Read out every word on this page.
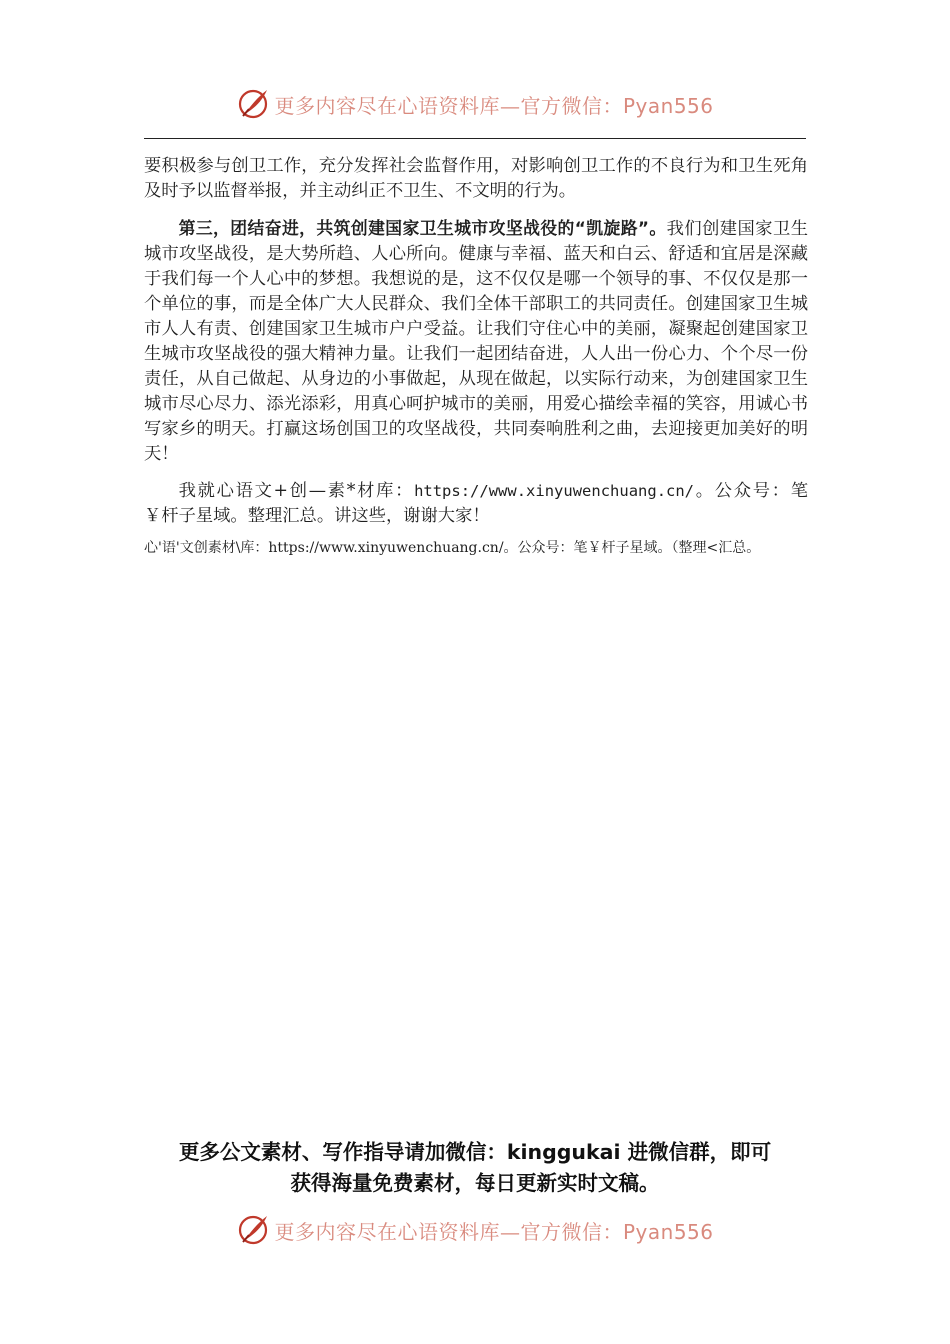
更多内容尽在心语资料库—官方微信：Pyan556

要积极参与创卫工作，充分发挥社会监督作用，对影响创卫工作的不良行为和卫生死角及时予以监督举报，并主动纠正不卫生、不文明的行为。

第三，团结奋进，共筑创建国家卫生城市攻坚战役的“凯旋路”。我们创建国家卫生城市攻坚战役，是大势所趋、人心所向。健康与幸福、蓝天和白云、舒适和宜居是深藏于我们每一个人心中的梦想。我想说的是，这不仅仅是哪一个领导的事、不仅仅是那一个单位的事，而是全体广大人民群众、我们全体干部职工的共同责任。创建国家卫生城市人人有责、创建国家卫生城市户户受益。让我们守住心中的美丽，凝聚起创建国家卫生城市攻坚战役的强大精神力量。让我们一起团结奋进，人人出一份心力、个个尽一份责任，从自己做起、从身边的小事做起，从现在做起，以实际行动来，为创建国家卫生城市尽心尽力、添光添彩，用真心呵护城市的美丽，用爱心描绘幸福的笑容，用诚心书写家乡的明天。打赢这场创国卫的攻坚战役，共同奏响胜利之曲，去迎接更加美好的明天！

我就心语文+创—素*材库：https://www.xinyuwenchuang.cn/。公众号：笔￥杆子星域。整理汇总。讲这些，谢谢大家！

心'语'文创素材\库：https://www.xinyuwenchuang.cn/。公众号：笔￥杆子星域。（整理<汇总。

更多公文素材、写作指导请加微信：kinggukai 进微信群，即可
获得海量免费素材，每日更新实时文稿。
更多内容尽在心语资料库—官方微信：Pyan556
